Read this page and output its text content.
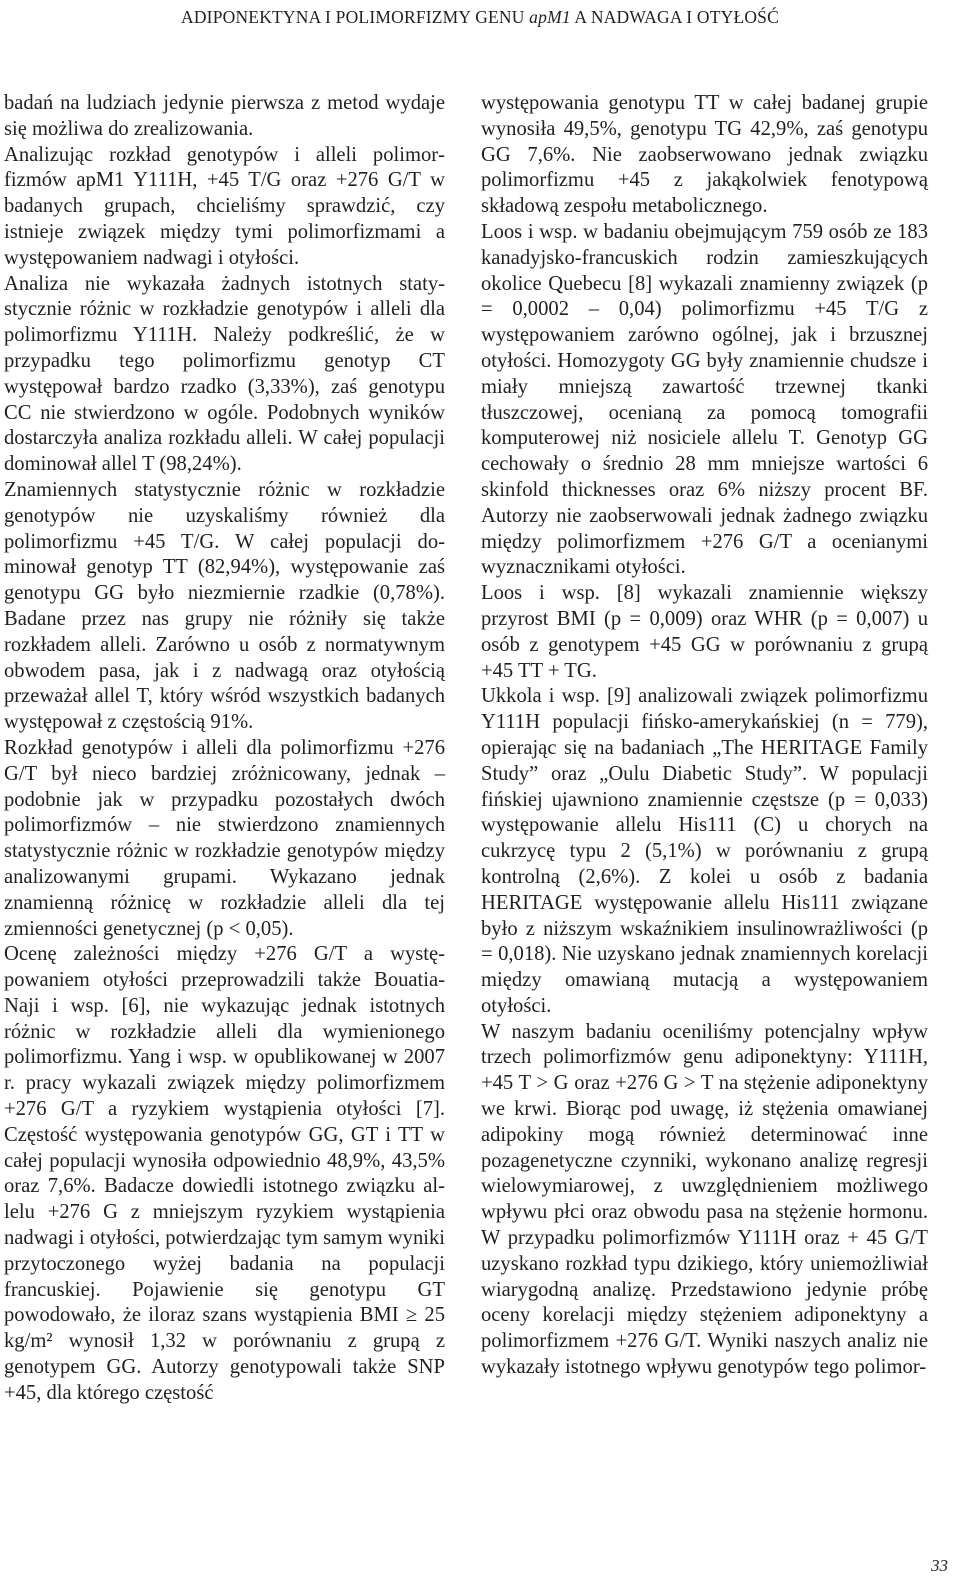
ADIPONEKTYNA I POLIMORFIZMY GENU apM1 A NADWAGA I OTYŁOŚĆ

badań na ludziach jedynie pierwsza z metod wydaje się możliwa do zrealizowania.

Analizując rozkład genotypów i alleli polimorfizmów apM1 Y111H, +45 T/G oraz +276 G/T w badanych grupach, chcieliśmy sprawdzić, czy istnieje związek między tymi polimorfizmami a występowaniem nadwagi i otyłości.

Analiza nie wykazała żadnych istotnych statystycznie różnic w rozkładzie genotypów i alleli dla polimorfizmu Y111H. Należy podkreślić, że w przypadku tego polimorfizmu genotyp CT występował bardzo rzadko (3,33%), zaś genotypu CC nie stwierdzono w ogóle. Podobnych wyników dostarczyła analiza rozkładu alleli. W całej populacji dominował allel T (98,24%).

Znamiennych statystycznie różnic w rozkładzie genotypów nie uzyskaliśmy również dla polimorfizmu +45 T/G. W całej populacji dominował genotyp TT (82,94%), występowanie zaś genotypu GG było niezmiernie rzadkie (0,78%). Badane przez nas grupy nie różniły się także rozkładem alleli. Zarówno u osób z normatywnym obwodem pasa, jak i z nadwagą oraz otyłością przeważał allel T, który wśród wszystkich badanych występował z częstością 91%.

Rozkład genotypów i alleli dla polimorfizmu +276 G/T był nieco bardziej zróżnicowany, jednak – podobnie jak w przypadku pozostałych dwóch polimorfizmów – nie stwierdzono znamiennych statystycznie różnic w rozkładzie genotypów między analizowanymi grupami. Wykazano jednak znamienną różnicę w rozkładzie alleli dla tej zmienności genetycznej (p < 0,05).

Ocenę zależności między +276 G/T a występowaniem otyłości przeprowadzili także Bouatia-Naji i wsp. [6], nie wykazując jednak istotnych różnic w rozkładzie alleli dla wymienionego polimorfizmu. Yang i wsp. w opublikowanej w 2007 r. pracy wykazali związek między polimorfizmem +276 G/T a ryzykiem wystąpienia otyłości [7]. Częstość występowania genotypów GG, GT i TT w całej populacji wynosiła odpowiednio 48,9%, 43,5% oraz 7,6%. Badacze dowiedli istotnego związku allelu +276 G z mniejszym ryzykiem wystąpienia nadwagi i otyłości, potwierdzając tym samym wyniki przytoczonego wyżej badania na populacji francuskiej. Pojawienie się genotypu GT powodowało, że iloraz szans wystąpienia BMI ≥ 25 kg/m² wynosił 1,32 w porównaniu z grupą z genotypem GG. Autorzy genotypowali także SNP +45, dla którego częstość

występowania genotypu TT w całej badanej grupie wynosiła 49,5%, genotypu TG 42,9%, zaś genotypu GG 7,6%. Nie zaobserwowano jednak związku polimorfizmu +45 z jakąkolwiek fenotypową składową zespołu metabolicznego.

Loos i wsp. w badaniu obejmującym 759 osób ze 183 kanadyjsko-francuskich rodzin zamieszkujących okolice Quebecu [8] wykazali znamienny związek (p = 0,0002 – 0,04) polimorfizmu +45 T/G z występowaniem zarówno ogólnej, jak i brzusznej otyłości. Homozygoty GG były znamiennie chudsze i miały mniejszą zawartość trzewnej tkanki tłuszczowej, ocenianą za pomocą tomografii komputerowej niż nosiciele allelu T. Genotyp GG cechowały o średnio 28 mm mniejsze wartości 6 skinfold thicknesses oraz 6% niższy procent BF. Autorzy nie zaobserwowali jednak żadnego związku między polimorfizmem +276 G/T a ocenianymi wyznacznikami otyłości.

Loos i wsp. [8] wykazali znamiennie większy przyrost BMI (p = 0,009) oraz WHR (p = 0,007) u osób z genotypem +45 GG w porównaniu z grupą +45 TT + TG.

Ukkola i wsp. [9] analizowali związek polimorfizmu Y111H populacji fińsko-amerykańskiej (n = 779), opierając się na badaniach „The HERITAGE Family Study” oraz „Oulu Diabetic Study”. W populacji fińskiej ujawniono znamiennie częstsze (p = 0,033) występowanie allelu His111 (C) u chorych na cukrzycę typu 2 (5,1%) w porównaniu z grupą kontrolną (2,6%). Z kolei u osób z badania HERITAGE występowanie allelu His111 związane było z niższym wskaźnikiem insulinowrażliwości (p = 0,018). Nie uzyskano jednak znamiennych korelacji między omawianą mutacją a występowaniem otyłości.

W naszym badaniu oceniliśmy potencjalny wpływ trzech polimorfizmów genu adiponektyny: Y111H, +45 T > G oraz +276 G > T na stężenie adiponektyny we krwi. Biorąc pod uwagę, iż stężenia omawianej adipokiny mogą również determinować inne pozagenetyczne czynniki, wykonano analizę regresji wielowymiarowej, z uwzględnieniem możliwego wpływu płci oraz obwodu pasa na stężenie hormonu. W przypadku polimorfizmów Y111H oraz + 45 G/T uzyskano rozkład typu dzikiego, który uniemożliwiał wiarygodną analizę. Przedstawiono jedynie próbę oceny korelacji między stężeniem adiponektyny a polimorfizmem +276 G/T. Wyniki naszych analiz nie wykazały istotnego wpływu genotypów tego polimor-

33
